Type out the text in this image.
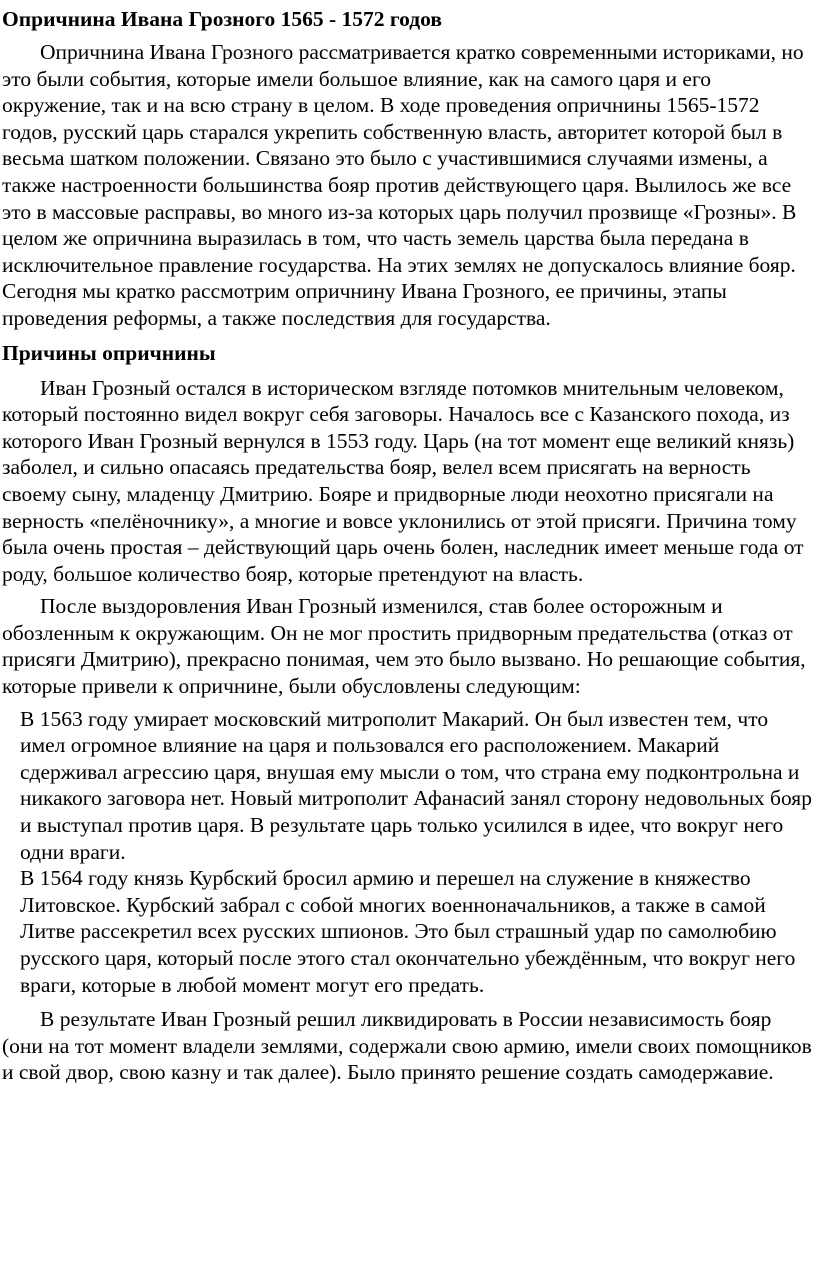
Опричнина Ивана Грозного 1565 - 1572 годов

Опричнина Ивана Грозного рассматривается кратко современными историками, но это были события, которые имели большое влияние, как на самого царя и его окружение, так и на всю страну в целом. В ходе проведения опричнины 1565-1572 годов, русский царь старался укрепить собственную власть, авторитет которой был в весьма шатком положении. Связано это было с участившимися случаями измены, а также настроенности большинства бояр против действующего царя. Вылилось же все это в массовые расправы, во много из-за которых царь получил прозвище «Грозны». В целом же опричнина выразилась в том, что часть земель царства была передана в исключительное правление государства. На этих землях не допускалось влияние бояр. Сегодня мы кратко рассмотрим опричнину Ивана Грозного, ее причины, этапы проведения реформы, а также последствия для государства.

Причины опричнины

Иван Грозный остался в историческом взгляде потомков мнительным человеком, который постоянно видел вокруг себя заговоры. Началось все с Казанского похода, из которого Иван Грозный вернулся в 1553 году. Царь (на тот момент еще великий князь) заболел, и сильно опасаясь предательства бояр, велел всем присягать на верность своему сыну, младенцу Дмитрию. Бояре и придворные люди неохотно присягали на верность «пелёночнику», а многие и вовсе уклонились от этой присяги. Причина тому была очень простая – действующий царь очень болен, наследник имеет меньше года от роду, большое количество бояр, которые претендуют на власть.

После выздоровления Иван Грозный изменился, став более осторожным и обозленным к окружающим. Он не мог простить придворным предательства (отказ от присяги Дмитрию), прекрасно понимая, чем это было вызвано. Но решающие события, которые привели к опричнине, были обусловлены следующим:

В 1563 году умирает московский митрополит Макарий. Он был известен тем, что имел огромное влияние на царя и пользовался его расположением. Макарий сдерживал агрессию царя, внушая ему мысли о том, что страна ему подконтрольна и никакого заговора нет. Новый митрополит Афанасий занял сторону недовольных бояр и выступал против царя. В результате царь только усилился в идее, что вокруг него одни враги.

В 1564 году князь Курбский бросил армию и перешел на служение в княжество Литовское. Курбский забрал с собой многих военноначальников, а также в самой Литве рассекретил всех русских шпионов. Это был страшный удар по самолюбию русского царя, который после этого стал окончательно убеждённым, что вокруг него враги, которые в любой момент могут его предать.

В результате Иван Грозный решил ликвидировать в России независимость бояр (они на тот момент владели землями, содержали свою армию, имели своих помощников и свой двор, свою казну и так далее). Было принято решение создать самодержавие.
